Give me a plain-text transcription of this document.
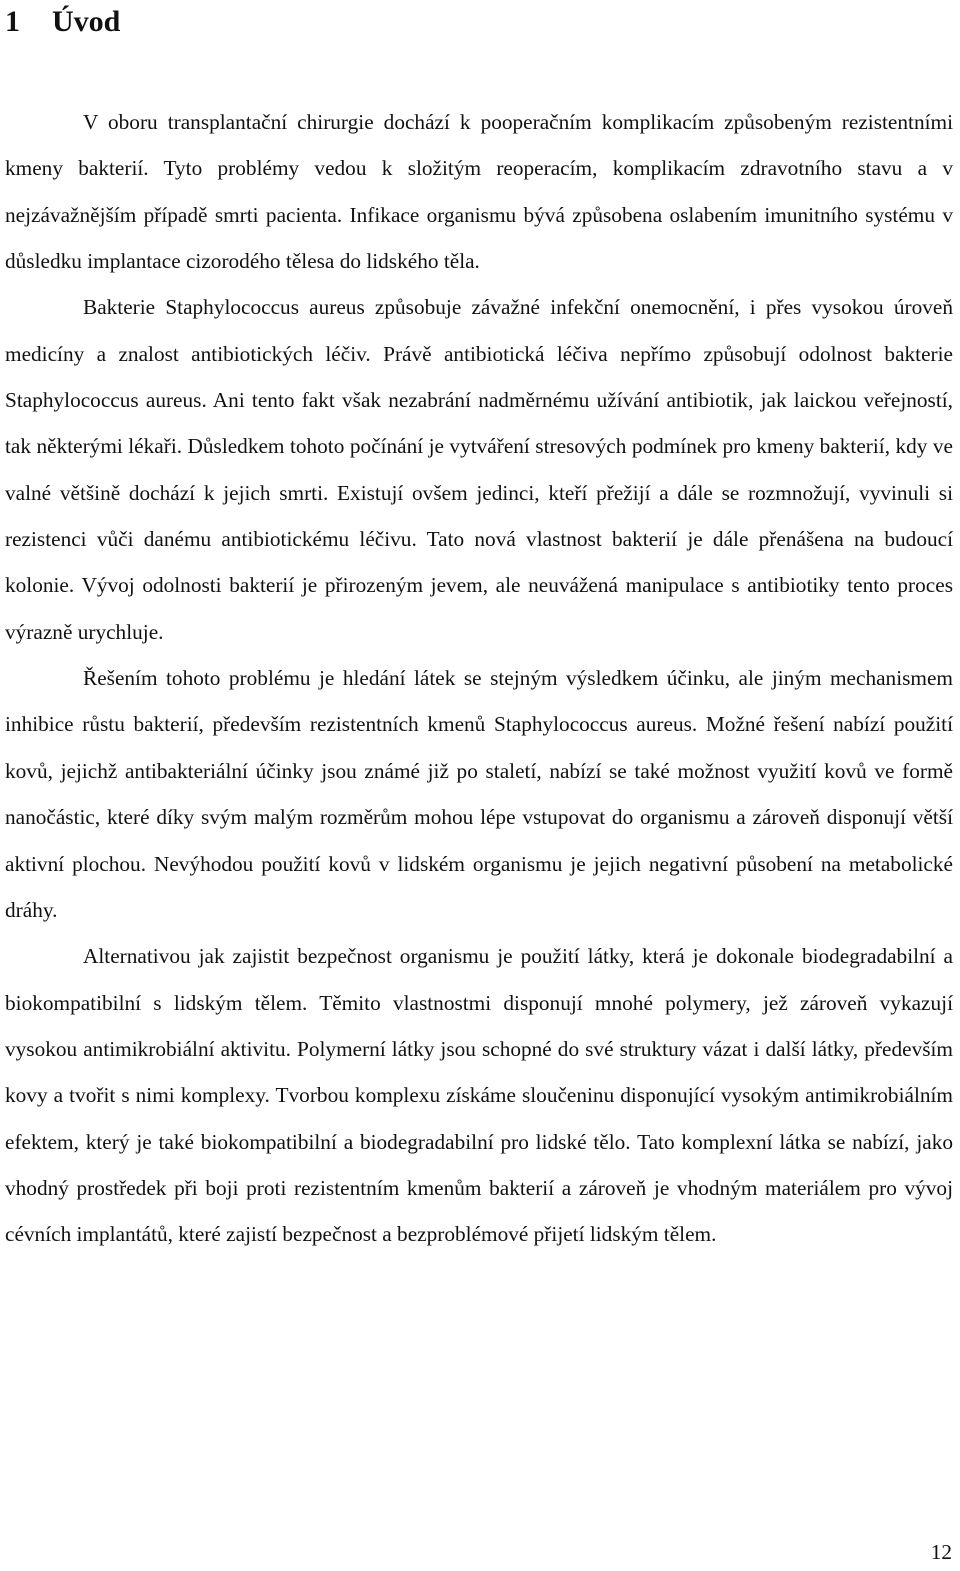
1 Úvod

V oboru transplantační chirurgie dochází k pooperačním komplikacím způsobeným rezistentními kmeny bakterií. Tyto problémy vedou k složitým reoperacím, komplikacím zdravotního stavu a v nejzávažnějším případě smrti pacienta. Infikace organismu bývá způsobena oslabením imunitního systému v důsledku implantace cizorodého tělesa do lidského těla.

Bakterie Staphylococcus aureus způsobuje závažné infekční onemocnění, i přes vysokou úroveň medicíny a znalost antibiotických léčiv. Právě antibiotická léčiva nepřímo způsobují odolnost bakterie Staphylococcus aureus. Ani tento fakt však nezabrání nadměrnému užívání antibiotik, jak laickou veřejností, tak některými lékaři. Důsledkem tohoto počínání je vytváření stresových podmínek pro kmeny bakterií, kdy ve valné většině dochází k jejich smrti. Existují ovšem jedinci, kteří přežijí a dále se rozmnožují, vyvinuli si rezistenci vůči danému antibiotickému léčivu. Tato nová vlastnost bakterií je dále přenášena na budoucí kolonie. Vývoj odolnosti bakterií je přirozeným jevem, ale neuvážená manipulace s antibiotiky tento proces výrazně urychluje.

Řešením tohoto problému je hledání látek se stejným výsledkem účinku, ale jiným mechanismem inhibice růstu bakterií, především rezistentních kmenů Staphylococcus aureus. Možné řešení nabízí použití kovů, jejichž antibakteriální účinky jsou známé již po staletí, nabízí se také možnost využití kovů ve formě nanočástic, které díky svým malým rozměrům mohou lépe vstupovat do organismu a zároveň disponují větší aktivní plochou. Nevýhodou použití kovů v lidském organismu je jejich negativní působení na metabolické dráhy.

Alternativou jak zajistit bezpečnost organismu je použití látky, která je dokonale biodegradabilní a biokompatibilní s lidským tělem. Těmito vlastnostmi disponují mnohé polymery, jež zároveň vykazují vysokou antimikrobiální aktivitu. Polymerní látky jsou schopné do své struktury vázat i další látky, především kovy a tvořit s nimi komplexy. Tvorbou komplexu získáme sloučeninu disponující vysokým antimikrobiálním efektem, který je také biokompatibilní a biodegradabilní pro lidské tělo. Tato komplexní látka se nabízí, jako vhodný prostředek při boji proti rezistentním kmenům bakterií a zároveň je vhodným materiálem pro vývoj cévních implantátů, které zajistí bezpečnost a bezproblémové přijetí lidským tělem.

12
